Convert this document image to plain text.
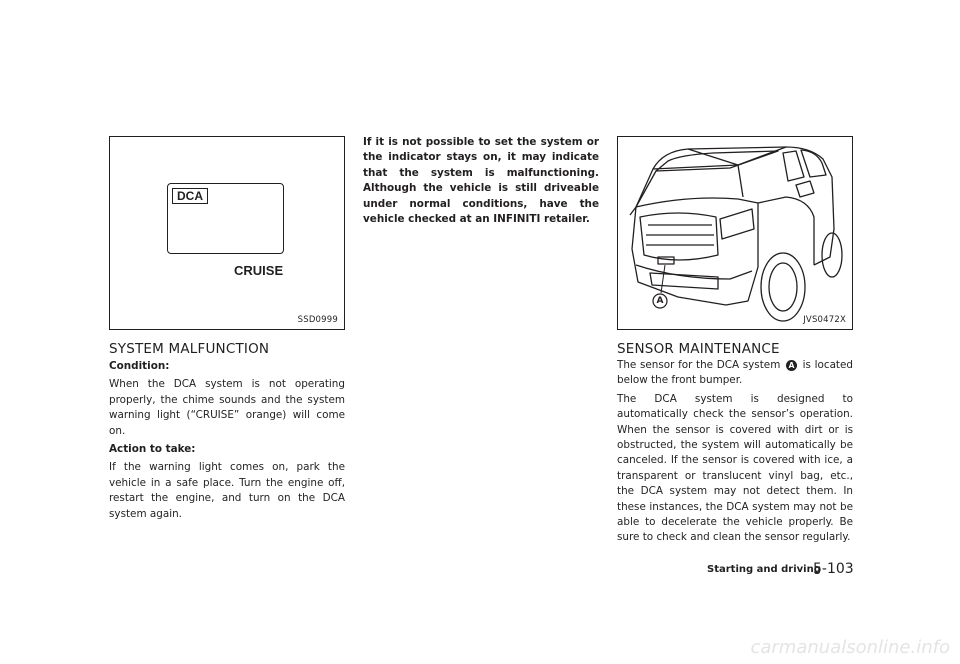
DCA
CRUISE
SSD0999
SYSTEM MALFUNCTION
Condition:
When the DCA system is not operating properly, the chime sounds and the system warning light (“CRUISE” orange) will come on.
Action to take:
If the warning light comes on, park the vehicle in a safe place. Turn the engine off, restart the engine, and turn on the DCA system again.
If it is not possible to set the system or the indicator stays on, it may indicate that the system is malfunctioning. Although the vehicle is still driveable under normal conditions, have the vehicle checked at an INFINITI retailer.
A
JVS0472X
SENSOR MAINTENANCE
The sensor for the DCA system A is located below the front bumper.
The DCA system is designed to automatically check the sensor’s operation. When the sensor is covered with dirt or is obstructed, the system will automatically be canceled. If the sensor is covered with ice, a transparent or translucent vinyl bag, etc., the DCA system may not detect them. In these instances, the DCA system may not be able to decelerate the vehicle properly. Be sure to check and clean the sensor regularly.
Starting and driving
5-103
carmanualsonline.info
